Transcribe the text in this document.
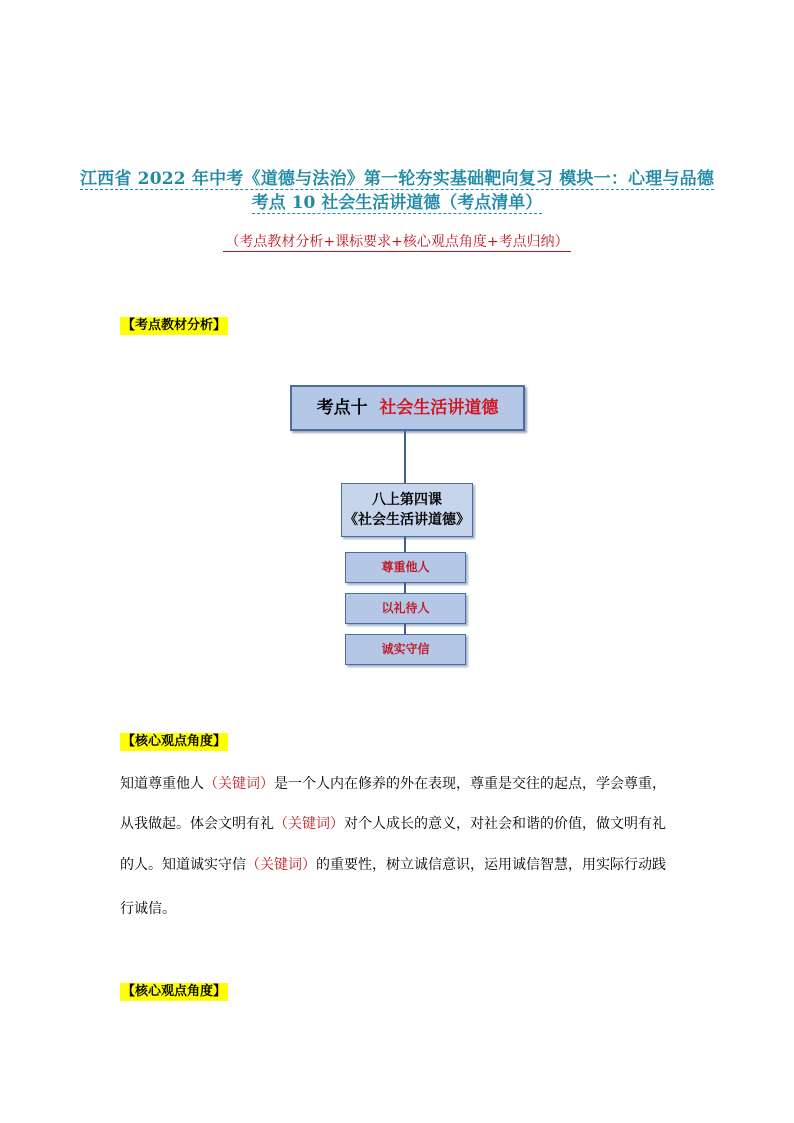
江西省 2022 年中考《道德与法治》第一轮夯实基础靶向复习 模块一：心理与品德
考点 10 社会生活讲道德（考点清单）
（考点教材分析+课标要求+核心观点角度+考点归纳）
【考点教材分析】
考点十 社会生活讲道德
八上第四课
《社会生活讲道德》
尊重他人
以礼待人
诚实守信
【核心观点角度】
知道尊重他人（关键词）是一个人内在修养的外在表现，尊重是交往的起点，学会尊重，
从我做起。体会文明有礼（关键词）对个人成长的意义，对社会和谐的价值，做文明有礼
的人。知道诚实守信（关键词）的重要性，树立诚信意识，运用诚信智慧，用实际行动践
行诚信。
【核心观点角度】
